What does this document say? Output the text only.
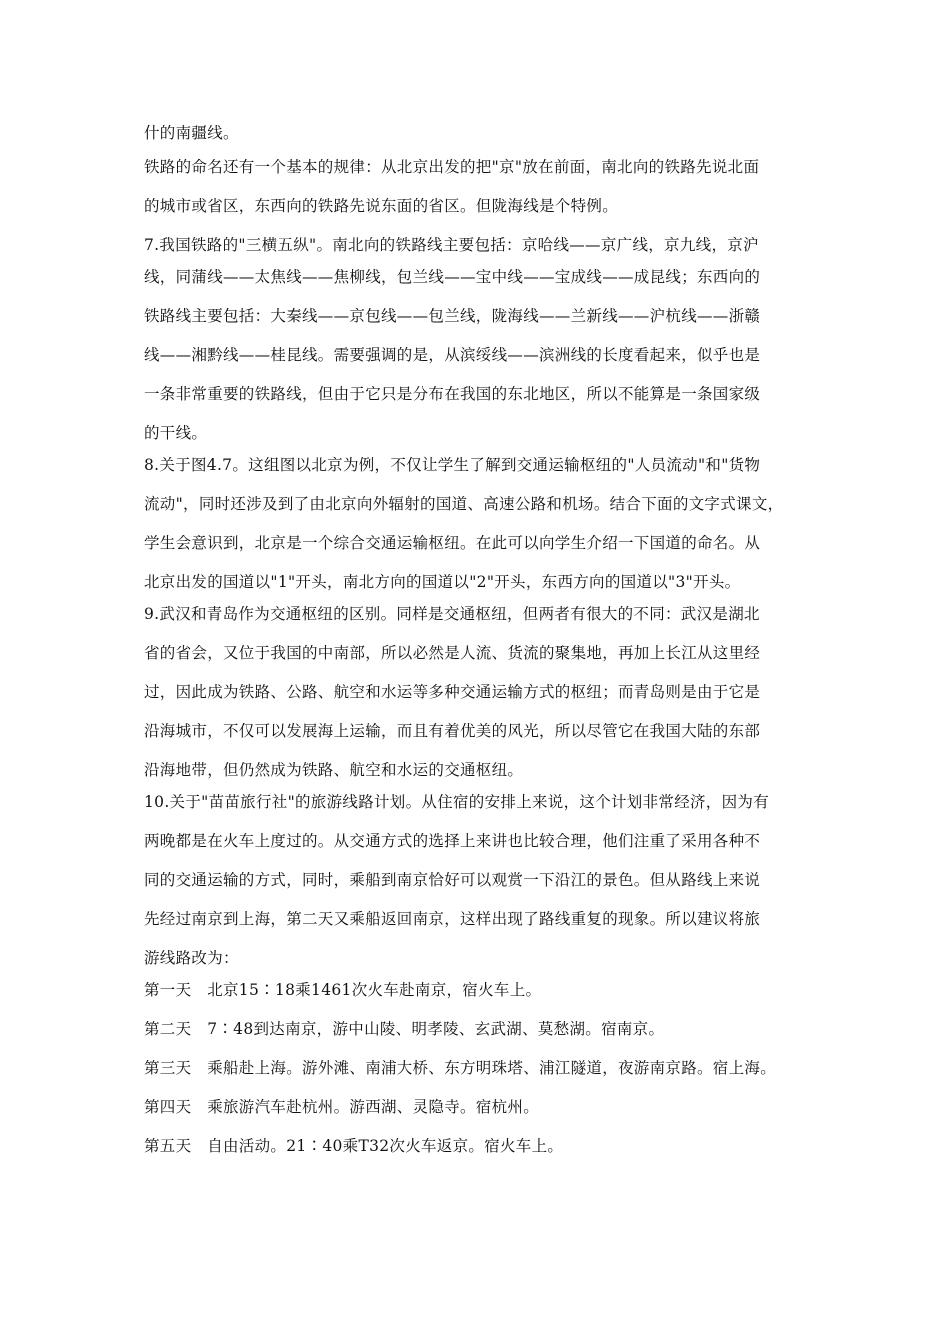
什的南疆线。
铁路的命名还有一个基本的规律：从北京出发的把"京"放在前面，南北向的铁路先说北面
的城市或省区，东西向的铁路先说东面的省区。但陇海线是个特例。
7.我国铁路的"三横五纵"。南北向的铁路线主要包括：京哈线——京广线，京九线，京沪
线，同蒲线——太焦线——焦柳线，包兰线——宝中线——宝成线——成昆线；东西向的
铁路线主要包括：大秦线——京包线——包兰线，陇海线——兰新线——沪杭线——浙赣
线——湘黔线——桂昆线。需要强调的是，从滨绥线——滨洲线的长度看起来，似乎也是
一条非常重要的铁路线，但由于它只是分布在我国的东北地区，所以不能算是一条国家级
的干线。
8.关于图4.7。这组图以北京为例，不仅让学生了解到交通运输枢纽的"人员流动"和"货物
流动"，同时还涉及到了由北京向外辐射的国道、高速公路和机场。结合下面的文字式课文，
学生会意识到，北京是一个综合交通运输枢纽。在此可以向学生介绍一下国道的命名。从
北京出发的国道以"1"开头，南北方向的国道以"2"开头，东西方向的国道以"3"开头。
9.武汉和青岛作为交通枢纽的区别。同样是交通枢纽，但两者有很大的不同：武汉是湖北
省的省会，又位于我国的中南部，所以必然是人流、货流的聚集地，再加上长江从这里经
过，因此成为铁路、公路、航空和水运等多种交通运输方式的枢纽；而青岛则是由于它是
沿海城市，不仅可以发展海上运输，而且有着优美的风光，所以尽管它在我国大陆的东部
沿海地带，但仍然成为铁路、航空和水运的交通枢纽。
10.关于"苗苗旅行社"的旅游线路计划。从住宿的安排上来说，这个计划非常经济，因为有
两晚都是在火车上度过的。从交通方式的选择上来讲也比较合理，他们注重了采用各种不
同的交通运输的方式，同时，乘船到南京恰好可以观赏一下沿江的景色。但从路线上来说
先经过南京到上海，第二天又乘船返回南京，这样出现了路线重复的现象。所以建议将旅
游线路改为：
第一天　北京15∶18乘1461次火车赴南京，宿火车上。
第二天　7∶48到达南京，游中山陵、明孝陵、玄武湖、莫愁湖。宿南京。
第三天　乘船赴上海。游外滩、南浦大桥、东方明珠塔、浦江隧道，夜游南京路。宿上海。
第四天　乘旅游汽车赴杭州。游西湖、灵隐寺。宿杭州。
第五天　自由活动。21∶40乘T32次火车返京。宿火车上。
